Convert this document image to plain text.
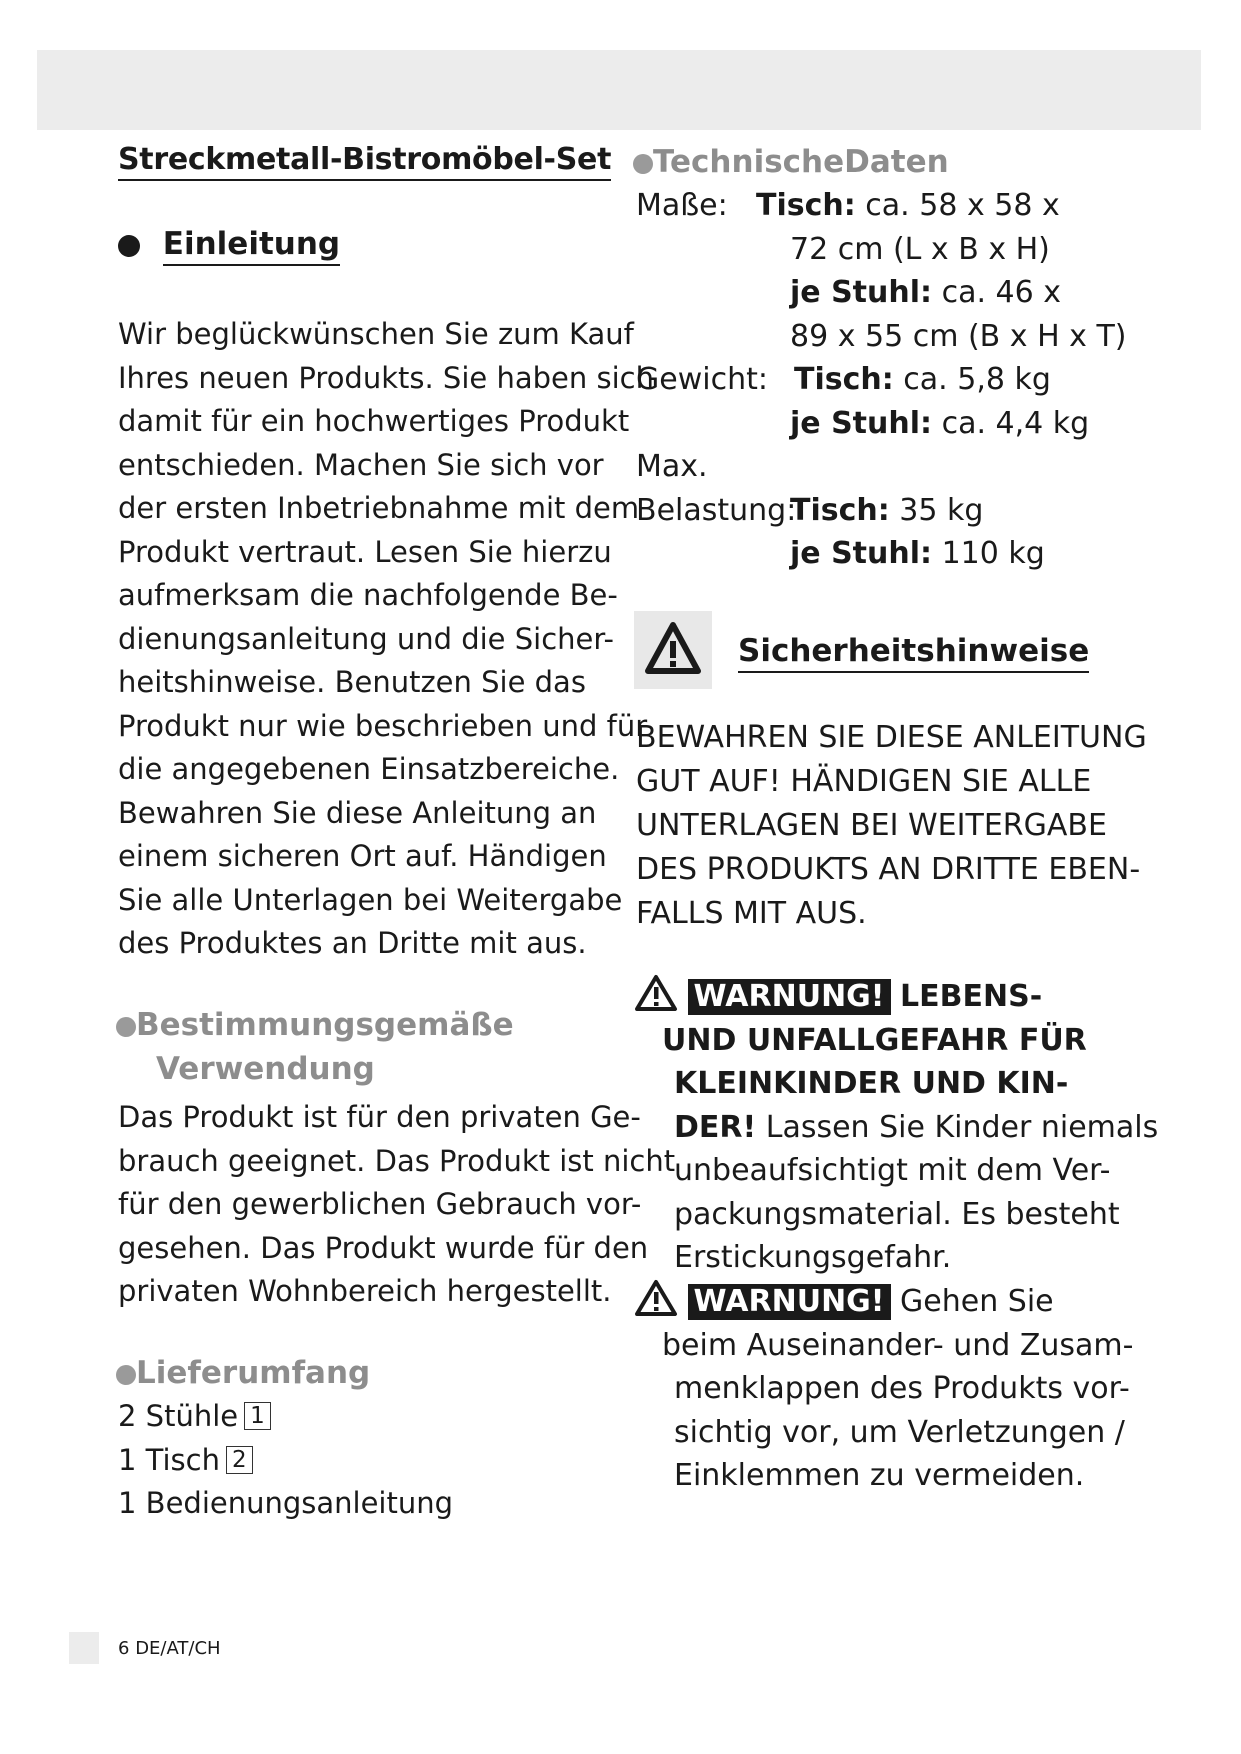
Streckmetall-Bistromöbel-Set
Einleitung
Wir beglückwünschen Sie zum Kauf
Ihres neuen Produkts. Sie haben sich
damit für ein hochwertiges Produkt
entschieden. Machen Sie sich vor
der ersten Inbetriebnahme mit dem
Produkt vertraut. Lesen Sie hierzu
aufmerksam die nachfolgende Be-
dienungsanleitung und die Sicher-
heitshinweise. Benutzen Sie das
Produkt nur wie beschrieben und für
die angegebenen Einsatzbereiche.
Bewahren Sie diese Anleitung an
einem sicheren Ort auf. Händigen
Sie alle Unterlagen bei Weitergabe
des Produktes an Dritte mit aus.
Bestimmungsgemäße
Verwendung
Das Produkt ist für den privaten Ge-
brauch geeignet. Das Produkt ist nicht
für den gewerblichen Gebrauch vor-
gesehen. Das Produkt wurde für den
privaten Wohnbereich hergestellt.
Lieferumfang
2 Stühle 1
1 Tisch 2
1 Bedienungsanleitung
TechnischeDaten
Maße: Tisch: ca. 58 x 58 x
72 cm (L x B x H)
je Stuhl: ca. 46 x
89 x 55 cm (B x H x T)
Gewicht: Tisch: ca. 5,8 kg
je Stuhl: ca. 4,4 kg
Max.
Belastung:
Tisch: 35 kg
je Stuhl: 110 kg
Sicherheitshinweise
BEWAHREN SIE DIESE ANLEITUNG
GUT AUF! HÄNDIGEN SIE ALLE
UNTERLAGEN BEI WEITERGABE
DES PRODUKTS AN DRITTE EBEN-
FALLS MIT AUS.
WARNUNG! LEBENS-
UND UNFALLGEFAHR FÜR
KLEINKINDER UND KIN-
DER! Lassen Sie Kinder niemals
unbeaufsichtigt mit dem Ver-
packungsmaterial. Es besteht
Erstickungsgefahr.
WARNUNG! Gehen Sie
beim Auseinander- und Zusam-
menklappen des Produkts vor-
sichtig vor, um Verletzungen /
Einklemmen zu vermeiden.
6 DE/AT/CH
